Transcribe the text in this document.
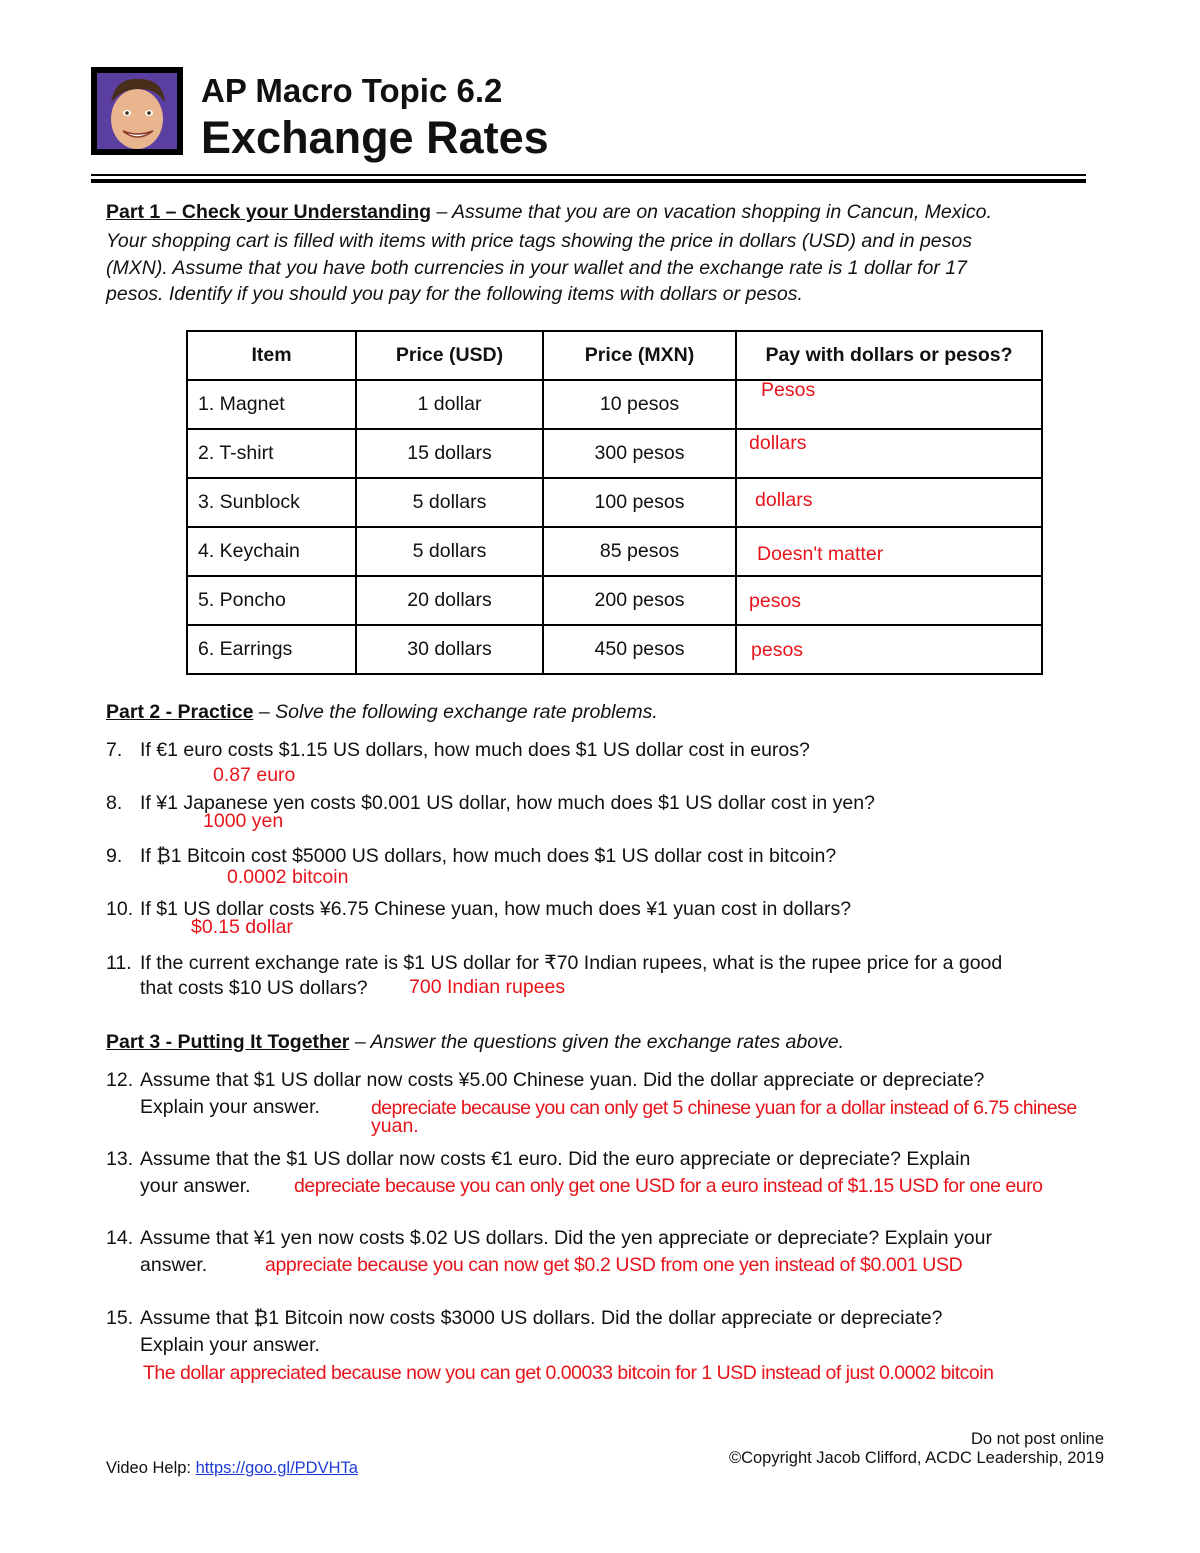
AP Macro Topic 6.2
Exchange Rates
Part 1 – Check your Understanding – Assume that you are on vacation shopping in Cancun, Mexico.
Your shopping cart is filled with items with price tags showing the price in dollars (USD) and in pesos
(MXN). Assume that you have both currencies in your wallet and the exchange rate is 1 dollar for 17
pesos. Identify if you should you pay for the following items with dollars or pesos.
Item	Price (USD)	Price (MXN)	Pay with dollars or pesos?
1. Magnet	1 dollar	10 pesos	Pesos

2. T-shirt	15 dollars	300 pesos	dollars

3. Sunblock	5 dollars	100 pesos	dollars

4. Keychain	5 dollars	85 pesos	Doesn't matter

5. Poncho	20 dollars	200 pesos	pesos

6. Earrings	30 dollars	450 pesos	pesos
Part 2 - Practice – Solve the following exchange rate problems.
7. If €1 euro costs $1.15 US dollars, how much does $1 US dollar cost in euros?
0.87 euro
8. If ¥1 Japanese yen costs $0.001 US dollar, how much does $1 US dollar cost in yen?
1000 yen
9. If ₿1 Bitcoin cost $5000 US dollars, how much does $1 US dollar cost in bitcoin?
0.0002 bitcoin
10. If $1 US dollar costs ¥6.75 Chinese yuan, how much does ¥1 yuan cost in dollars?
$0.15 dollar
11. If the current exchange rate is $1 US dollar for ₹70 Indian rupees, what is the rupee price for a good
that costs $10 US dollars? 700 Indian rupees
Part 3 - Putting It Together – Answer the questions given the exchange rates above.
12. Assume that $1 US dollar now costs ¥5.00 Chinese yuan. Did the dollar appreciate or depreciate?
Explain your answer.	depreciate because you can only get 5 chinese yuan for a dollar instead of 6.75 chinese
yuan.
13. Assume that the $1 US dollar now costs €1 euro. Did the euro appreciate or depreciate? Explain
your answer. depreciate because you can only get one USD for a euro instead of $1.15 USD for one euro
14. Assume that ¥1 yen now costs $.02 US dollars. Did the yen appreciate or depreciate? Explain your
answer.	appreciate because you can now get $0.2 USD from one yen instead of $0.001 USD
15. Assume that ₿1 Bitcoin now costs $3000 US dollars. Did the dollar appreciate or depreciate?
Explain your answer.
The dollar appreciated because now you can get 0.00033 bitcoin for 1 USD instead of just 0.0002 bitcoin
Video Help: https://goo.gl/PDVHTa
Do not post online
©Copyright Jacob Clifford, ACDC Leadership, 2019
